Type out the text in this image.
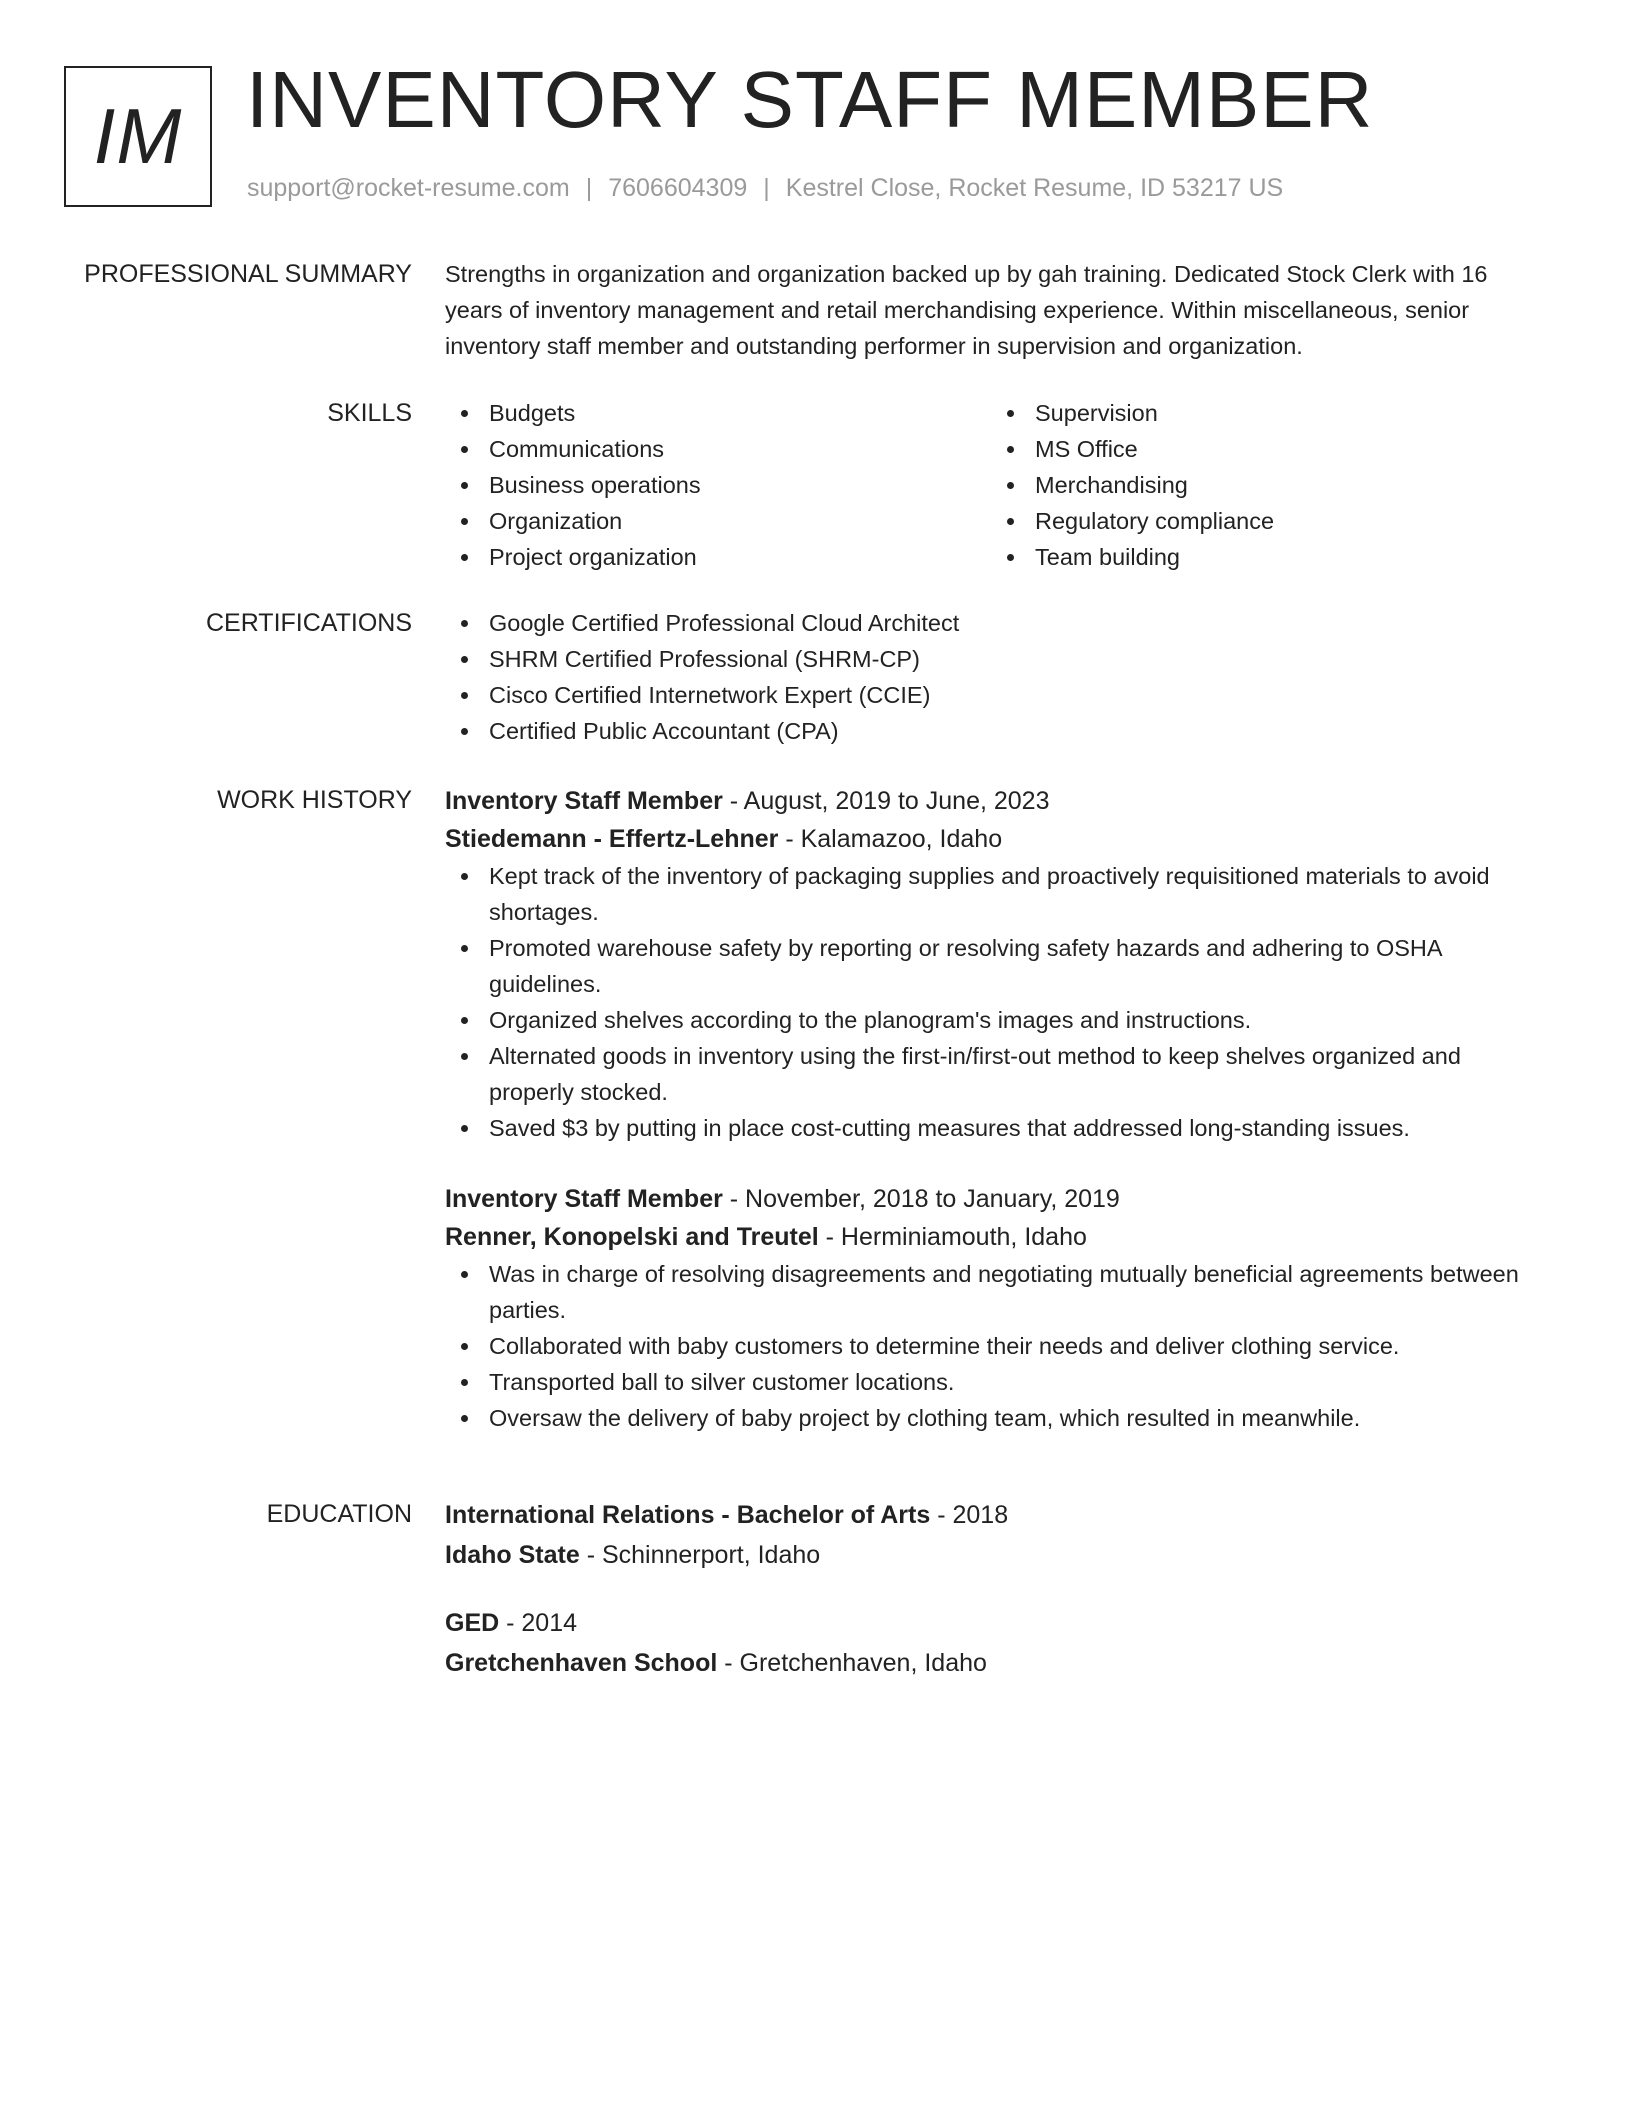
IM INVENTORY STAFF MEMBER
support@rocket-resume.com | 7606604309 | Kestrel Close, Rocket Resume, ID 53217 US
PROFESSIONAL SUMMARY Strengths in organization and organization backed up by gah training. Dedicated Stock Clerk with 16 years of inventory management and retail merchandising experience. Within miscellaneous, senior inventory staff member and outstanding performer in supervision and organization.

SKILLS	Budgets
Communications
Business operations
Organization
Project organization
Supervision
MS Office
Merchandising
Regulatory compliance
Team building
CERTIFICATIONS	Google Certified Professional Cloud Architect
SHRM Certified Professional (SHRM-CP)
Cisco Certified Internetwork Expert (CCIE)
Certified Public Accountant (CPA)
WORK HISTORY Inventory Staff Member - August, 2019 to June, 2023
Stiedemann - Effertz-Lehner - Kalamazoo, Idaho
Kept track of the inventory of packaging supplies and proactively requisitioned materials to avoid shortages.
Promoted warehouse safety by reporting or resolving safety hazards and adhering to OSHA guidelines.
Organized shelves according to the planogram's images and instructions.
Alternated goods in inventory using the first-in/first-out method to keep shelves organized and properly stocked.
Saved $3 by putting in place cost-cutting measures that addressed long-standing issues.
Inventory Staff Member - November, 2018 to January, 2019
Renner, Konopelski and Treutel - Herminiamouth, Idaho
Was in charge of resolving disagreements and negotiating mutually beneficial agreements between parties.
Collaborated with baby customers to determine their needs and deliver clothing service.
Transported ball to silver customer locations.
Oversaw the delivery of baby project by clothing team, which resulted in meanwhile.
EDUCATION International Relations - Bachelor of Arts - 2018
Idaho State - Schinnerport, Idaho
GED - 2014
Gretchenhaven School - Gretchenhaven, Idaho
